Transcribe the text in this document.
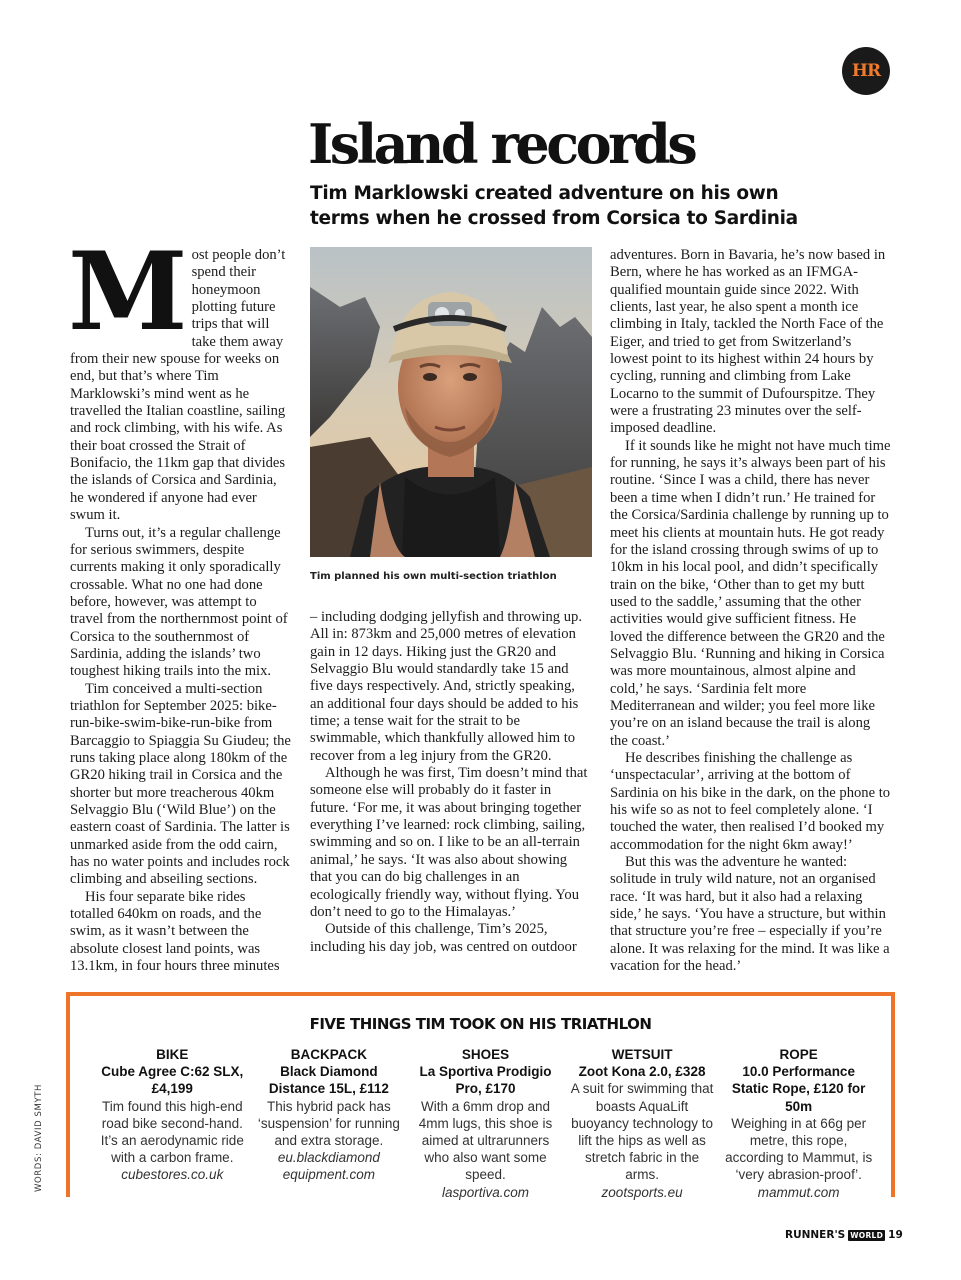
HR
Island records

Tim Marklowski created adventure on his own terms when he crossed from Corsica to Sardinia

Most people don’t spend their honeymoon plotting future trips that will take them away from their new spouse for weeks on end, but that’s where Tim Marklowski’s mind went as he travelled the Italian coastline, sailing and rock climbing, with his wife. As their boat crossed the Strait of Bonifacio, the 11km gap that divides the islands of Corsica and Sardinia, he wondered if anyone had ever swum it.

Turns out, it’s a regular challenge for serious swimmers, despite currents making it only sporadically crossable. What no one had done before, however, was attempt to travel from the northernmost point of Corsica to the southernmost of Sardinia, adding the islands’ two toughest hiking trails into the mix.

Tim conceived a multi-section triathlon for September 2025: bike-run-bike-swim-bike-run-bike from Barcaggio to Spiaggia Su Giudeu; the runs taking place along 180km of the GR20 hiking trail in Corsica and the shorter but more treacherous 40km Selvaggio Blu (‘Wild Blue’) on the eastern coast of Sardinia. The latter is unmarked aside from the odd cairn, has no water points and includes rock climbing and abseiling sections.

His four separate bike rides totalled 640km on roads, and the swim, as it wasn’t between the absolute closest land points, was 13.1km, in four hours three minutes

Tim planned his own multi-section triathlon

– including dodging jellyfish and throwing up. All in: 873km and 25,000 metres of elevation gain in 12 days. Hiking just the GR20 and Selvaggio Blu would standardly take 15 and five days respectively. And, strictly speaking, an additional four days should be added to his time; a tense wait for the strait to be swimmable, which thankfully allowed him to recover from a leg injury from the GR20.

Although he was first, Tim doesn’t mind that someone else will probably do it faster in future. ‘For me, it was about bringing together everything I’ve learned: rock climbing, sailing, swimming and so on. I like to be an all-terrain animal,’ he says. ‘It was also about showing that you can do big challenges in an ecologically friendly way, without flying. You don’t need to go to the Himalayas.’

Outside of this challenge, Tim’s 2025, including his day job, was centred on outdoor

adventures. Born in Bavaria, he’s now based in Bern, where he has worked as an IFMGA-qualified mountain guide since 2022. With clients, last year, he also spent a month ice climbing in Italy, tackled the North Face of the Eiger, and tried to get from Switzerland’s lowest point to its highest within 24 hours by cycling, running and climbing from Lake Locarno to the summit of Dufourspitze. They were a frustrating 23 minutes over the self-imposed deadline.

If it sounds like he might not have much time for running, he says it’s always been part of his routine. ‘Since I was a child, there has never been a time when I didn’t run.’ He trained for the Corsica/Sardinia challenge by running up to meet his clients at mountain huts. He got ready for the island crossing through swims of up to 10km in his local pool, and didn’t specifically train on the bike, ‘Other than to get my butt used to the saddle,’ assuming that the other activities would give sufficient fitness. He loved the difference between the GR20 and the Selvaggio Blu. ‘Running and hiking in Corsica was more mountainous, almost alpine and cold,’ he says. ‘Sardinia felt more Mediterranean and wilder; you feel more like you’re on an island because the trail is along the coast.’

He describes finishing the challenge as ‘unspectacular’, arriving at the bottom of Sardinia on his bike in the dark, on the phone to his wife so as not to feel completely alone. ‘I touched the water, then realised I’d booked my accommodation for the night 6km away!’

But this was the adventure he wanted: solitude in truly wild nature, not an organised race. ‘It was hard, but it also had a relaxing side,’ he says. ‘You have a structure, but within that structure you’re free – especially if you’re alone. It was relaxing for the mind. It was like a vacation for the head.’

FIVE THINGS TIM TOOK ON HIS TRIATHLON
BIKE
Cube Agree C:62 SLX, £4,199
Tim found this high-end road bike second-hand. It’s an aerodynamic ride with a carbon frame.
cubestores.co.uk
BACKPACK
Black Diamond Distance 15L, £112
This hybrid pack has ‘suspension’ for running and extra storage.
eu.blackdiamond equipment.com
SHOES
La Sportiva Prodigio Pro, £170
With a 6mm drop and 4mm lugs, this shoe is aimed at ultrarunners who also want some speed.
lasportiva.com
WETSUIT
Zoot Kona 2.0, £328
A suit for swimming that boasts AquaLift buoyancy technology to lift the hips as well as stretch fabric in the arms.
zootsports.eu
ROPE
10.0 Performance Static Rope, £120 for 50m
Weighing in at 66g per metre, this rope, according to Mammut, is ‘very abrasion-proof’.
mammut.com
WORDS: DAVID SMYTH
RUNNER'S WORLD 19
